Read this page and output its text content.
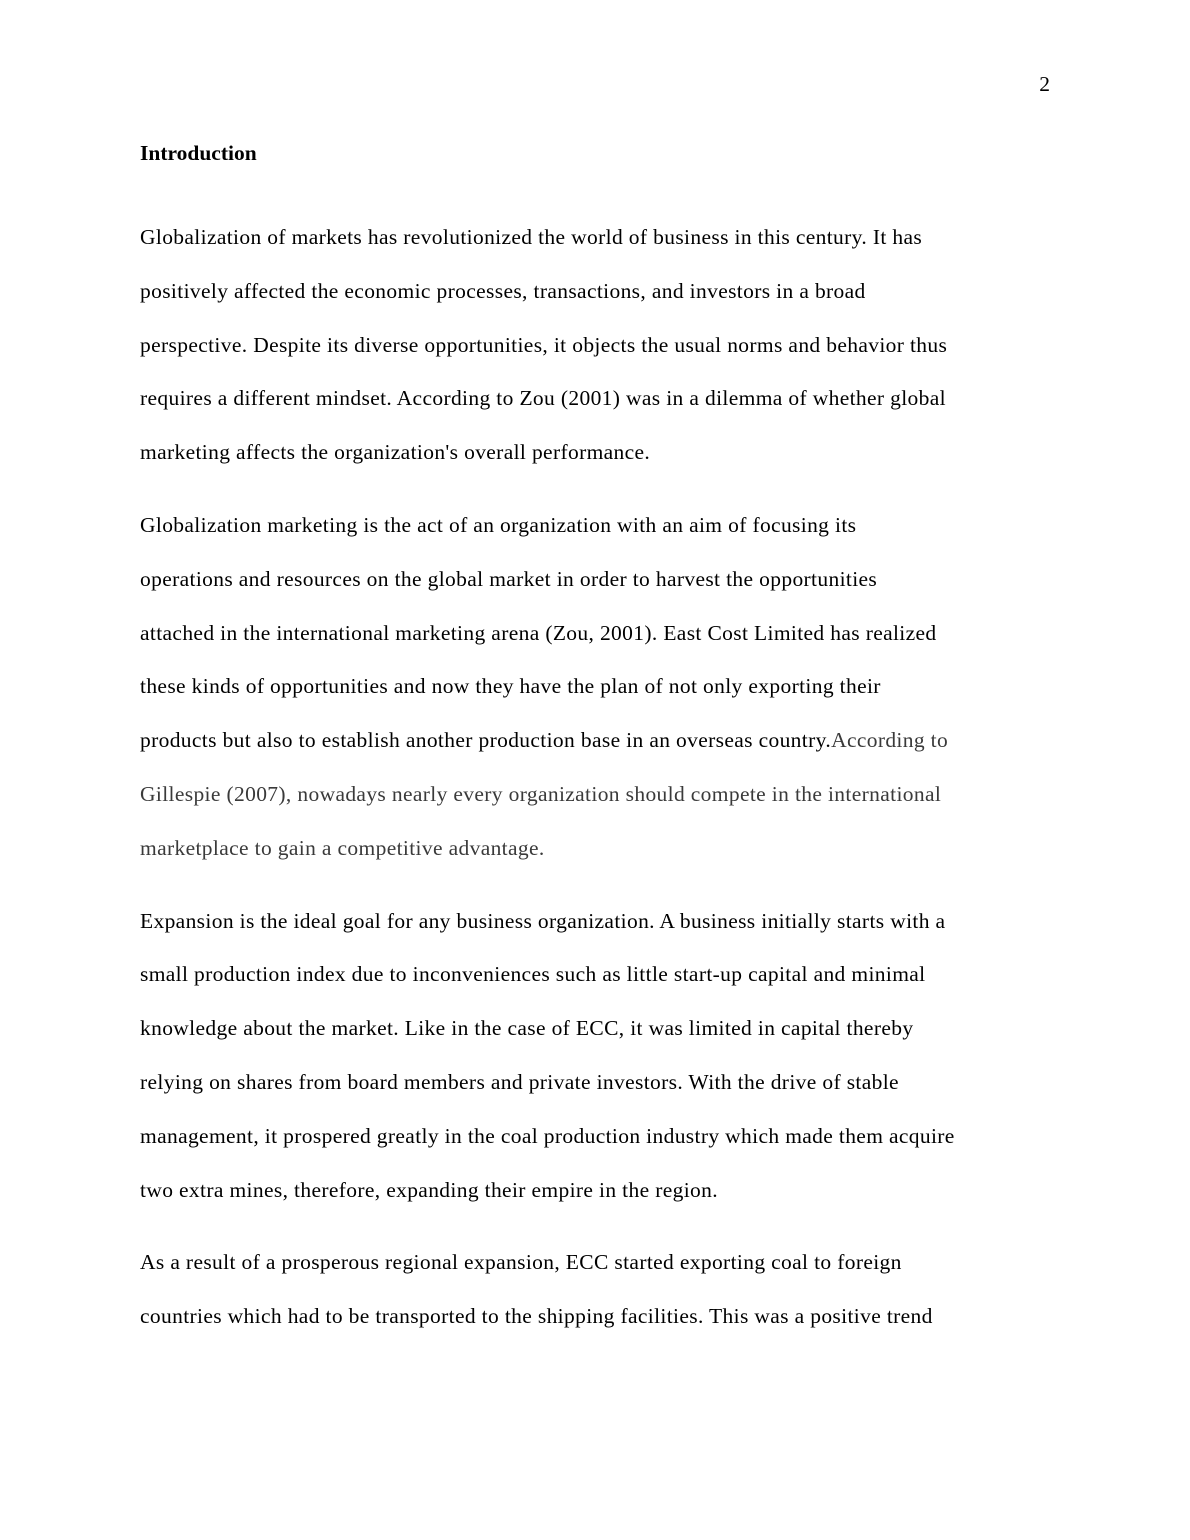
2

Introduction

Globalization of markets has revolutionized the world of business in this century. It has
positively affected the economic processes, transactions, and investors in a broad
perspective. Despite its diverse opportunities, it objects the usual norms and behavior thus
requires a different mindset. According to Zou (2001) was in a dilemma of whether global
marketing affects the organization's overall performance.

Globalization marketing is the act of an organization with an aim of focusing its
operations and resources on the global market in order to harvest the opportunities
attached in the international marketing arena (Zou, 2001). East Cost Limited has realized
these kinds of opportunities and now they have the plan of not only exporting their
products but also to establish another production base in an overseas country.According to
Gillespie (2007), nowadays nearly every organization should compete in the international
marketplace to gain a competitive advantage.

Expansion is the ideal goal for any business organization. A business initially starts with a
small production index due to inconveniences such as little start-up capital and minimal
knowledge about the market. Like in the case of ECC, it was limited in capital thereby
relying on shares from board members and private investors. With the drive of stable
management, it prospered greatly in the coal production industry which made them acquire
two extra mines, therefore, expanding their empire in the region.

As a result of a prosperous regional expansion, ECC started exporting coal to foreign
countries which had to be transported to the shipping facilities. This was a positive trend
